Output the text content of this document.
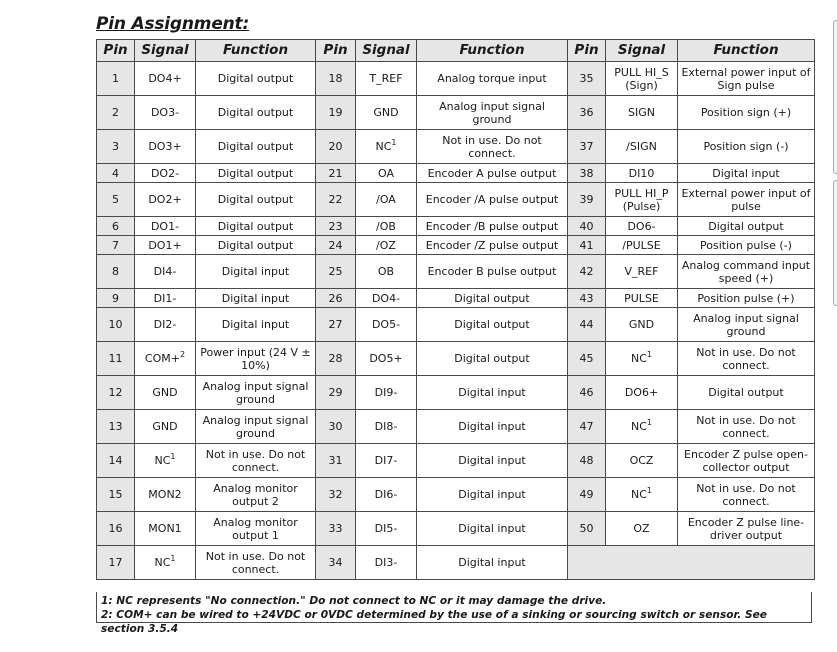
Pin Assignment:
Pin	Signal	Function	Pin	Signal	Function	Pin	Signal	Function
1	DO4+	Digital output	18	T_REF	Analog torque input	35	PULL HI_S (Sign)	External power input of Sign pulse
2	DO3-	Digital output	19	GND	Analog input signal ground	36	SIGN	Position sign (+)
3	DO3+	Digital output	20	$NC^1$	Not in use. Do not connect.	37	/SIGN	Position sign (-)
4	DO2-	Digital output	21	OA	Encoder A pulse output	38	DI10	Digital input
5	DO2+	Digital output	22	/OA	Encoder /A pulse output	39	PULL HI_P (Pulse)	External power input of pulse
6	DO1-	Digital output	23	/OB	Encoder /B pulse output	40	DO6-	Digital output
7	DO1+	Digital output	24	/OZ	Encoder /Z pulse output	41	/PULSE	Position pulse (-)
8	DI4-	Digital input	25	OB	Encoder B pulse output	42	V_REF	Analog command input speed (+)
9	DI1-	Digital input	26	DO4-	Digital output	43	PULSE	Position pulse (+)
10	DI2-	Digital input	27	DO5-	Digital output	44	GND	Analog input signal ground
11	COM+$^2$	Power input (24 V ± 10%)	28	DO5+	Digital output	45	$NC^1$	Not in use. Do not connect.
12	GND	Analog input signal ground	29	DI9-	Digital input	46	DO6+	Digital output
13	GND	Analog input signal ground	30	DI8-	Digital input	47	$NC^1$	Not in use. Do not connect.
14	$NC^1$	Not in use. Do not connect.	31	DI7-	Digital input	48	OCZ	Encoder Z pulse open-collector output
15	MON2	Analog monitor output 2	32	DI6-	Digital input	49	$NC^1$	Not in use. Do not connect.
16	MON1	Analog monitor output 1	33	DI5-	Digital input	50	OZ	Encoder Z pulse line-driver output
17	$NC^1$	Not in use. Do not connect.	34	DI3-	Digital input			
1: NC represents "No connection." Do not connect to NC or it may damage the drive.
2: COM+ can be wired to +24VDC or 0VDC determined by the use of a sinking or sourcing switch or sensor. See section 3.5.4
